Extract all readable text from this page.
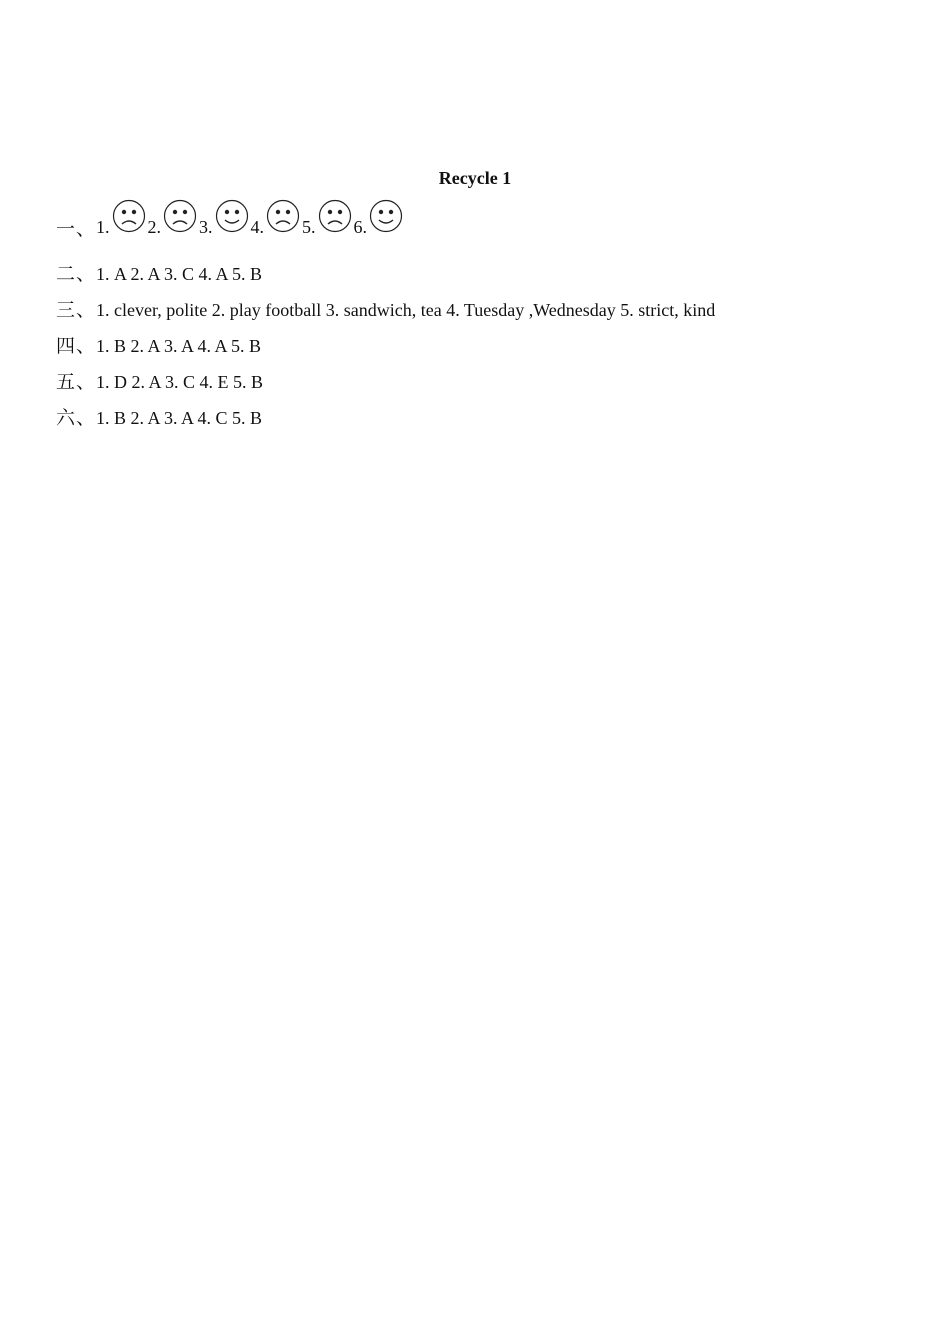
Recycle 1
一、 1. 2. 3. 4. 5. 6.
二、1. A 2. A 3. C 4. A 5. B
三、1. clever, polite 2. play football 3. sandwich, tea 4. Tuesday ,Wednesday 5. strict, kind
四、1. B 2. A 3. A 4. A 5. B
五、1. D 2. A 3. C 4. E 5. B
六、1. B 2. A 3. A 4. C 5. B
